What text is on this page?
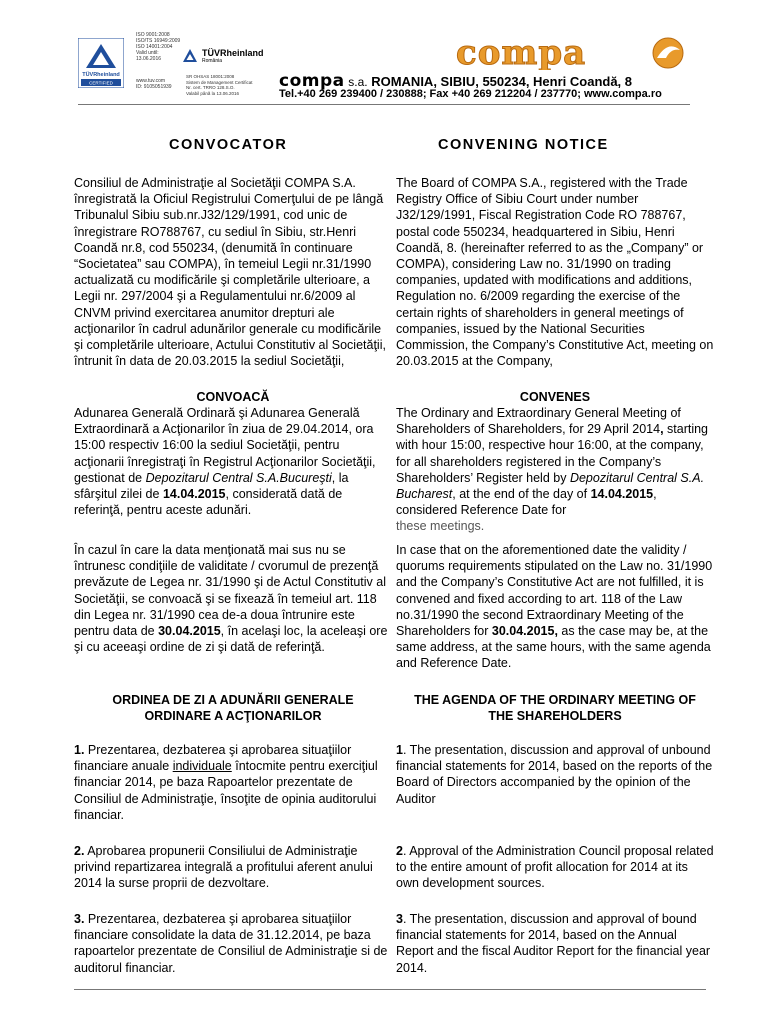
TÜVRheinland
CERTIFIED
ISO 9001:2008
ISO/TS 16949:2009
ISO 14001:2004
Valid until:
13.06.2016
www.tuv.com
ID: 9105051939
TÜVRheinland
România
SR OHSAS 18001:2008
Sistem de Management Certificat
Nr. cert. TRRO 128.S.O.
Valabil până la 13.06.2016
compa
compa s.a. ROMANIA, SIBIU, 550234, Henri Coandă, 8
Tel.+40 269 239400 / 230888; Fax +40 269 212204 / 237770; www.compa.ro
CONVOCATOR
Consiliul de Administraţie al Societăţii COMPA S.A. înregistrată la Oficiul Registrului Comerţului de pe lângă Tribunalul Sibiu sub.nr.J32/129/1991, cod unic de înregistrare RO788767, cu sediul în Sibiu, str.Henri Coandă nr.8, cod 550234, (denumită în continuare “Societatea” sau COMPA), în temeiul Legii nr.31/1990 actualizată cu modificările şi completările ulterioare, a Legii nr. 297/2004 şi a Regulamentului nr.6/2009 al CNVM privind exercitarea anumitor drepturi ale acţionarilor în cadrul adunărilor generale cu modificările şi completările ulterioare, Actului Constitutiv al Societăţii, întrunit în data de 20.03.2015 la sediul Societăţii,
CONVOACĂ
Adunarea Generală Ordinară şi Adunarea Generală Extraordinară a Acţionarilor în ziua de 29.04.2014, ora 15:00 respectiv 16:00 la sediul Societăţii, pentru acţionarii înregistraţi în Registrul Acţionarilor Societăţii, gestionat de Depozitarul Central S.A.Bucureşti, la sfârşitul zilei de 14.04.2015, considerată dată de referinţă, pentru aceste adunări.
În cazul în care la data menţionată mai sus nu se întrunesc condiţiile de validitate / cvorumul de prezenţă prevăzute de Legea nr. 31/1990 şi de Actul Constitutiv al Societăţii, se convoacă şi se fixează în temeiul art. 118 din Legea nr. 31/1990 cea de-a doua întrunire este pentru data de 30.04.2015, în acelaşi loc, la aceleaşi ore şi cu aceeaşi ordine de zi şi dată de referinţă.
ORDINEA DE ZI A ADUNĂRII GENERALE
ORDINARE A ACŢIONARILOR
1. Prezentarea, dezbaterea şi aprobarea situaţiilor financiare anuale individuale întocmite pentru exerciţiul financiar 2014, pe baza Rapoartelor prezentate de Consiliul de Administraţie, însoţite de opinia auditorului financiar.
2. Aprobarea propunerii Consiliului de Administraţie privind repartizarea integrală a profitului aferent anului 2014 la surse proprii de dezvoltare.
3. Prezentarea, dezbaterea şi aprobarea situaţiilor financiare consolidate la data de 31.12.2014, pe baza rapoartelor prezentate de Consiliul de Administraţie si de auditorul financiar.
CONVENING NOTICE
The Board of COMPA S.A., registered with the Trade Registry Office of Sibiu Court under number J32/129/1991, Fiscal Registration Code RO 788767, postal code 550234, headquartered in Sibiu, Henri Coandă, 8. (hereinafter referred to as the „Company” or COMPA), considering Law no. 31/1990 on trading companies, updated with modifications and additions, Regulation no. 6/2009 regarding the exercise of the certain rights of shareholders in general meetings of companies, issued by the National Securities Commission, the Company’s Constitutive Act, meeting on 20.03.2015 at the Company,
CONVENES
The Ordinary and Extraordinary General Meeting of Shareholders of Shareholders, for 29 April 2014, starting with hour 15:00, respective hour 16:00, at the company, for all shareholders registered in the Company’s Shareholders’ Register held by Depozitarul Central S.A. Bucharest, at the end of the day of 14.04.2015, considered Reference Date for
these meetings.
In case that on the aforementioned date the validity / quorums requirements stipulated on the Law no. 31/1990 and the Company’s Constitutive Act are not fulfilled, it is convened and fixed according to art. 118 of the Law no.31/1990 the second Extraordinary Meeting of the Shareholders for 30.04.2015, as the case may be, at the same address, at the same hours, with the same agenda and Reference Date.
THE AGENDA OF THE ORDINARY MEETING OF
THE SHAREHOLDERS
1. The presentation, discussion and approval of unbound financial statements for 2014, based on the reports of the Board of Directors accompanied by the opinion of the Auditor
2. Approval of the Administration Council proposal related to the entire amount of profit allocation for 2014 at its own development sources.
3. The presentation, discussion and approval of bound financial statements for 2014, based on the Annual Report and the fiscal Auditor Report for the financial year 2014.
